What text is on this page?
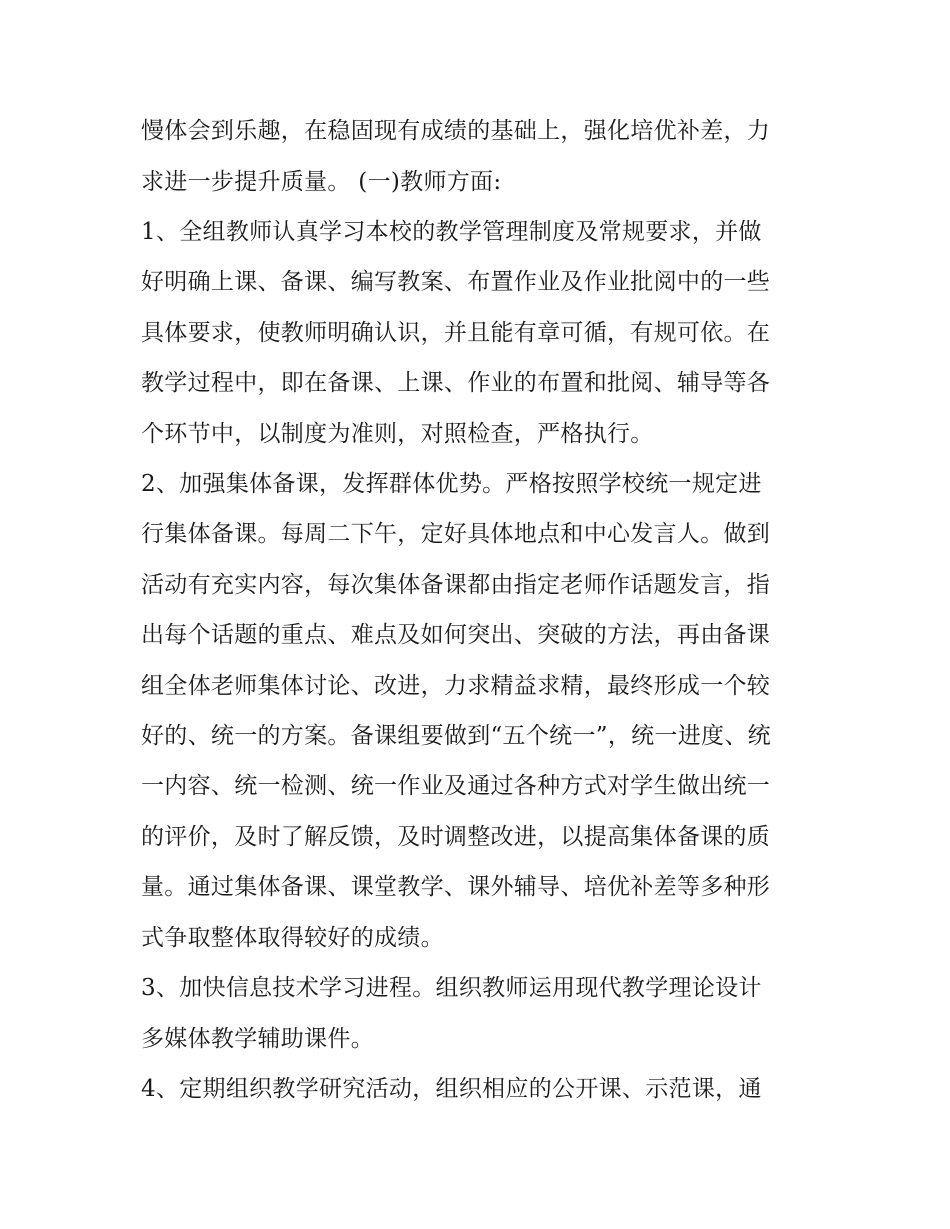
慢体会到乐趣，在稳固现有成绩的基础上，强化培优补差，力
求进一步提升质量。 (一)教师方面:
1、全组教师认真学习本校的教学管理制度及常规要求，并做
好明确上课、备课、编写教案、布置作业及作业批阅中的一些
具体要求，使教师明确认识，并且能有章可循，有规可依。在
教学过程中，即在备课、上课、作业的布置和批阅、辅导等各
个环节中，以制度为准则，对照检查，严格执行。
2、加强集体备课，发挥群体优势。严格按照学校统一规定进
行集体备课。每周二下午，定好具体地点和中心发言人。做到
活动有充实内容，每次集体备课都由指定老师作话题发言，指
出每个话题的重点、难点及如何突出、突破的方法，再由备课
组全体老师集体讨论、改进，力求精益求精，最终形成一个较
好的、统一的方案。备课组要做到“五个统一”，统一进度、统
一内容、统一检测、统一作业及通过各种方式对学生做出统一
的评价，及时了解反馈，及时调整改进，以提高集体备课的质
量。通过集体备课、课堂教学、课外辅导、培优补差等多种形
式争取整体取得较好的成绩。
3、加快信息技术学习进程。组织教师运用现代教学理论设计
多媒体教学辅助课件。
4、定期组织教学研究活动，组织相应的公开课、示范课，通
